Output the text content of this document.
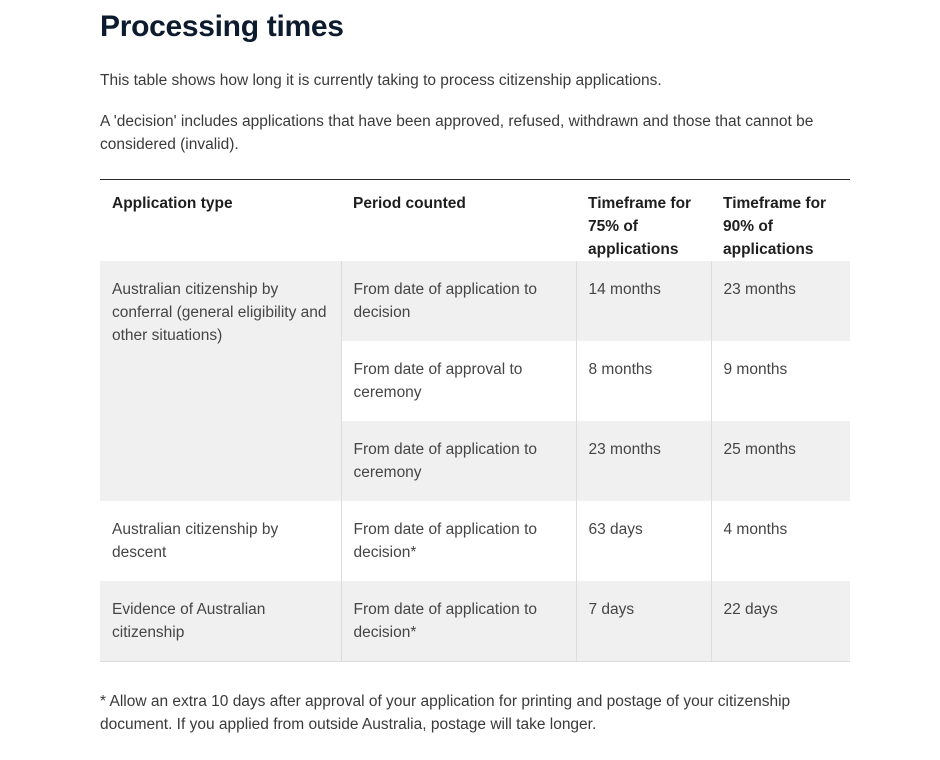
Processing times

This table shows how long it is currently taking to process citizenship applications.

A 'decision' includes applications that have been approved, refused, withdrawn and those that cannot be considered (invalid).

Application type	Period counted	Timeframe for 75% of applications	Timeframe for  90% of applications
Australian citizenship by conferral (general eligibility and other situations)	From date of application to decision	14 months	23 months
	From date of approval to ceremony	8 months	9 months
	From date of application to ceremony	23 months	25 months
Australian citizenship by descent	From date of application to decision*	63 days	4 months
Evidence of Australian citizenship	From date of application to decision*	7 days	22 days

* Allow an extra 10 days after approval of your application for printing and postage of your citizenship document. If you applied from outside Australia, postage will take longer.
